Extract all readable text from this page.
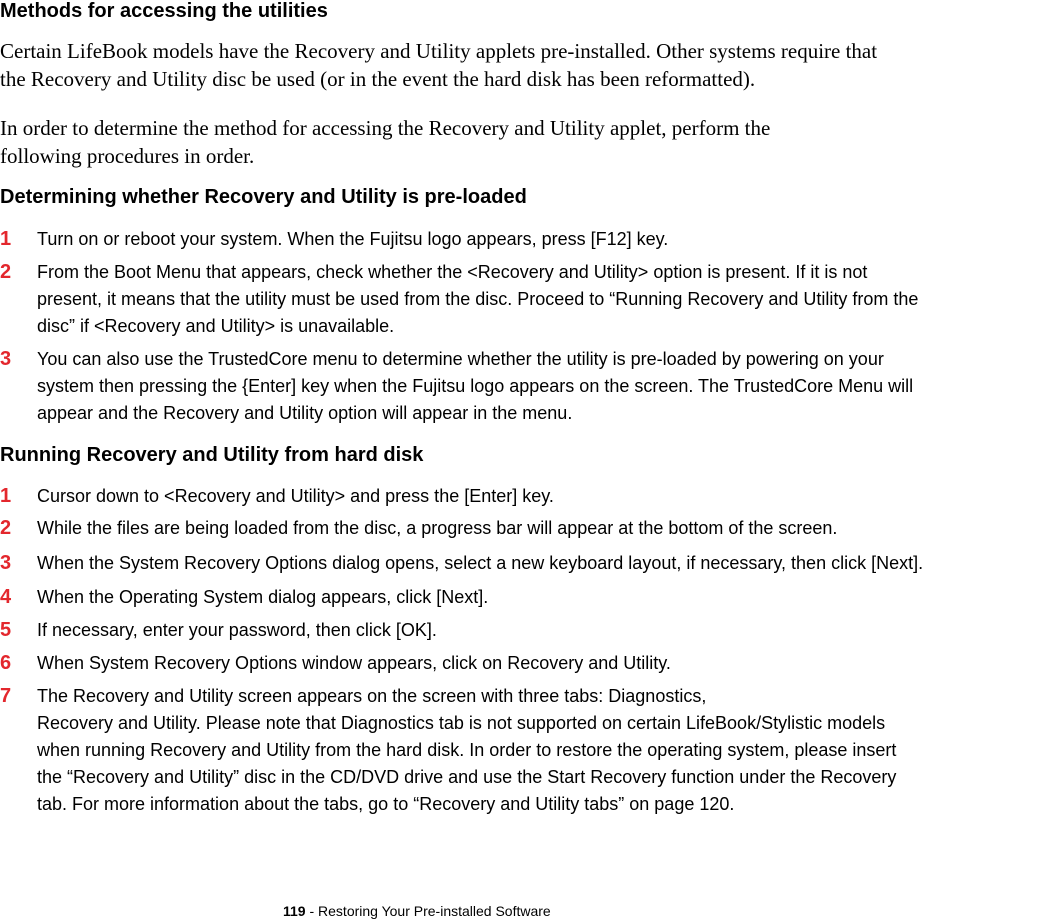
Methods for accessing the utilities

Certain LifeBook models have the Recovery and Utility applets pre-installed. Other systems require that
the Recovery and Utility disc be used (or in the event the hard disk has been reformatted).

In order to determine the method for accessing the Recovery and Utility applet, perform the
following procedures in order.

Determining whether Recovery and Utility is pre-loaded
1	Turn on or reboot your system. When the Fujitsu logo appears, press [F12] key.
2	From the Boot Menu that appears, check whether the <Recovery and Utility> option is present. If it is not
present, it means that the utility must be used from the disc. Proceed to “Running Recovery and Utility from the
disc” if <Recovery and Utility> is unavailable.
3	You can also use the TrustedCore menu to determine whether the utility is pre-loaded by powering on your
system then pressing the {Enter] key when the Fujitsu logo appears on the screen. The TrustedCore Menu will
appear and the Recovery and Utility option will appear in the menu.
Running Recovery and Utility from hard disk
1	Cursor down to <Recovery and Utility> and press the [Enter] key.
2	While the files are being loaded from the disc, a progress bar will appear at the bottom of the screen.
3	When the System Recovery Options dialog opens, select a new keyboard layout, if necessary, then click [Next].
4	When the Operating System dialog appears, click [Next].
5	If necessary, enter your password, then click [OK].
6	When System Recovery Options window appears, click on Recovery and Utility.
7	The Recovery and Utility screen appears on the screen with three tabs: Diagnostics,
Recovery and Utility. Please note that Diagnostics tab is not supported on certain LifeBook/Stylistic models
when running Recovery and Utility from the hard disk. In order to restore the operating system, please insert
the “Recovery and Utility” disc in the CD/DVD drive and use the Start Recovery function under the Recovery
tab. For more information about the tabs, go to “Recovery and Utility tabs” on page 120.
119 - Restoring Your Pre-installed Software
